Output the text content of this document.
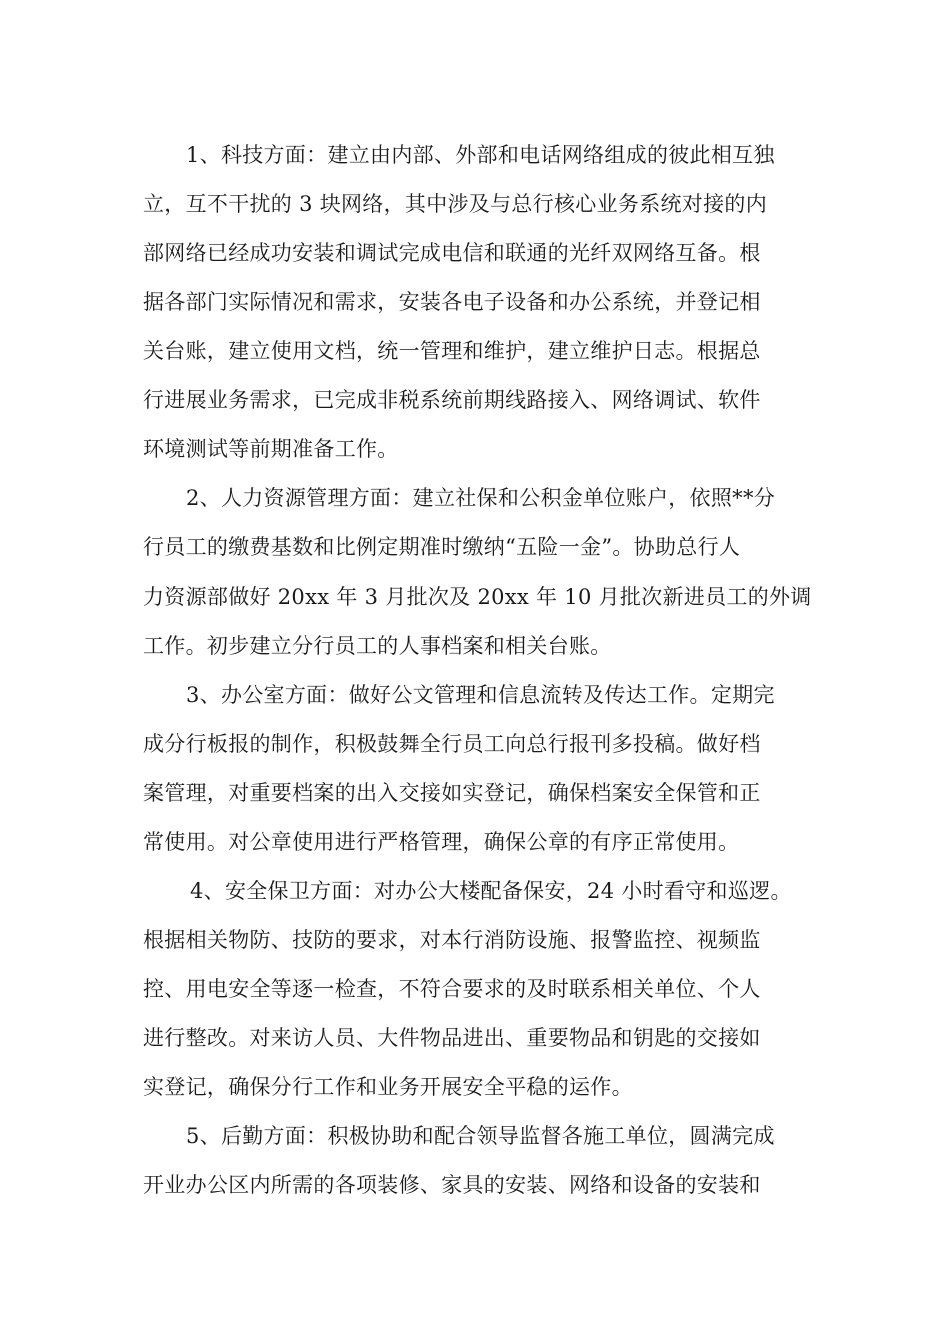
1、科技方面：建立由内部、外部和电话网络组成的彼此相互独

立，互不干扰的 3 块网络，其中涉及与总行核心业务系统对接的内

部网络已经成功安装和调试完成电信和联通的光纤双网络互备。根

据各部门实际情况和需求，安装各电子设备和办公系统，并登记相

关台账，建立使用文档，统一管理和维护，建立维护日志。根据总

行进展业务需求，已完成非税系统前期线路接入、网络调试、软件

环境测试等前期准备工作。

2、人力资源管理方面：建立社保和公积金单位账户，依照**分

行员工的缴费基数和比例定期准时缴纳“五险一金”。协助总行人

力资源部做好 20xx 年 3 月批次及 20xx 年 10 月批次新进员工的外调

工作。初步建立分行员工的人事档案和相关台账。

3、办公室方面：做好公文管理和信息流转及传达工作。定期完

成分行板报的制作，积极鼓舞全行员工向总行报刊多投稿。做好档

案管理，对重要档案的出入交接如实登记，确保档案安全保管和正

常使用。对公章使用进行严格管理，确保公章的有序正常使用。

4、安全保卫方面：对办公大楼配备保安，24 小时看守和巡逻。

根据相关物防、技防的要求，对本行消防设施、报警监控、视频监

控、用电安全等逐一检查，不符合要求的及时联系相关单位、个人

进行整改。对来访人员、大件物品进出、重要物品和钥匙的交接如

实登记，确保分行工作和业务开展安全平稳的运作。

5、后勤方面：积极协助和配合领导监督各施工单位，圆满完成

开业办公区内所需的各项装修、家具的安装、网络和设备的安装和
